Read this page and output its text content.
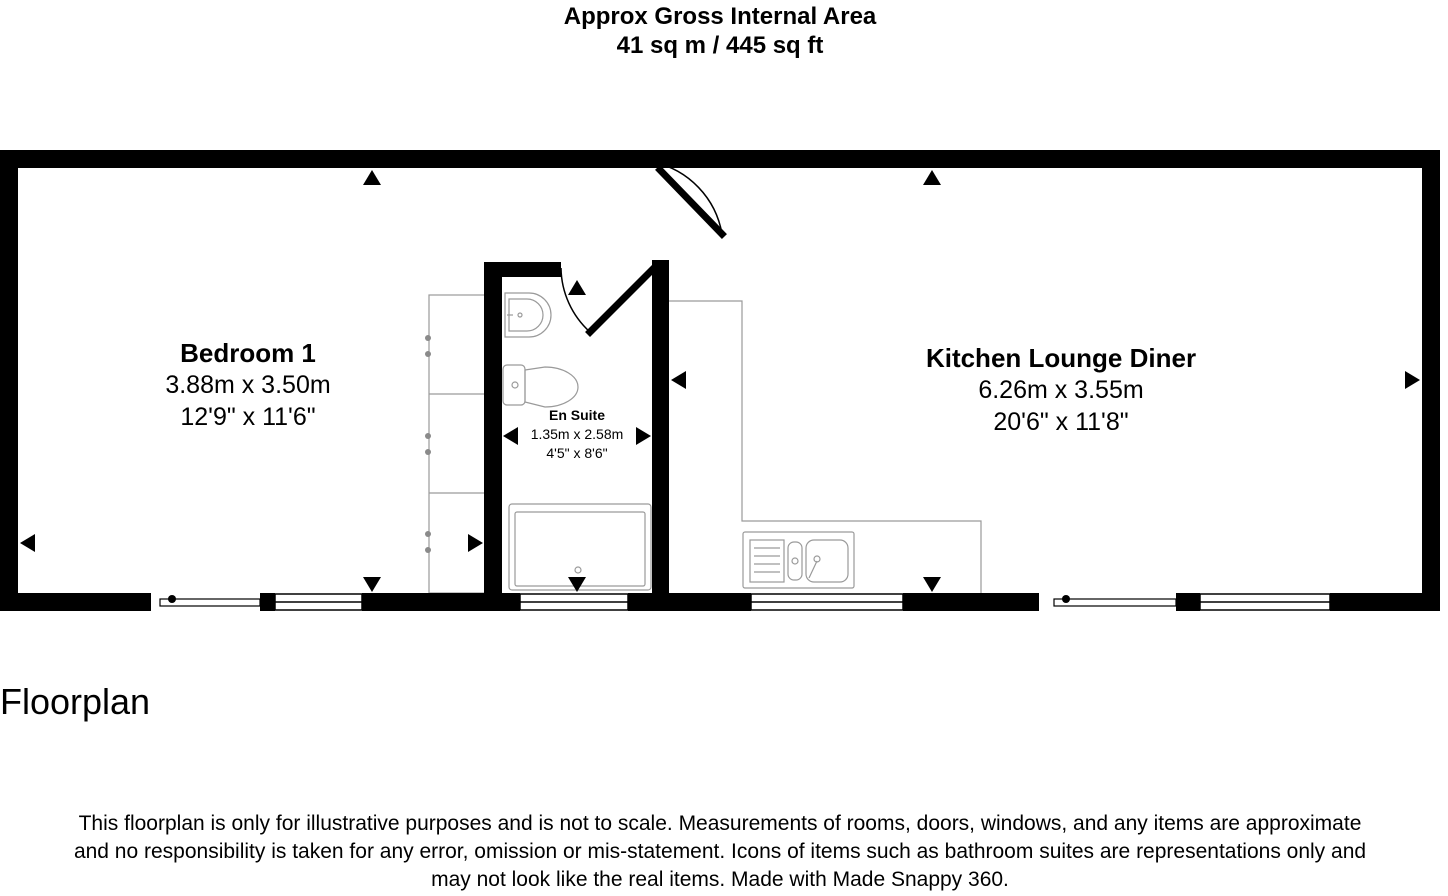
Approx Gross Internal Area
41 sq m / 445 sq ft
Bedroom 1
3.88m x 3.50m
12'9" x 11'6"
Kitchen Lounge Diner
6.26m x 3.55m
20'6" x 11'8"
En Suite
1.35m x 2.58m
4'5" x 8'6"
Floorplan
This floorplan is only for illustrative purposes and is not to scale. Measurements of rooms, doors, windows, and any items are approximate
and no responsibility is taken for any error, omission or mis-statement. Icons of items such as bathroom suites are representations only and
may not look like the real items. Made with Made Snappy 360.
